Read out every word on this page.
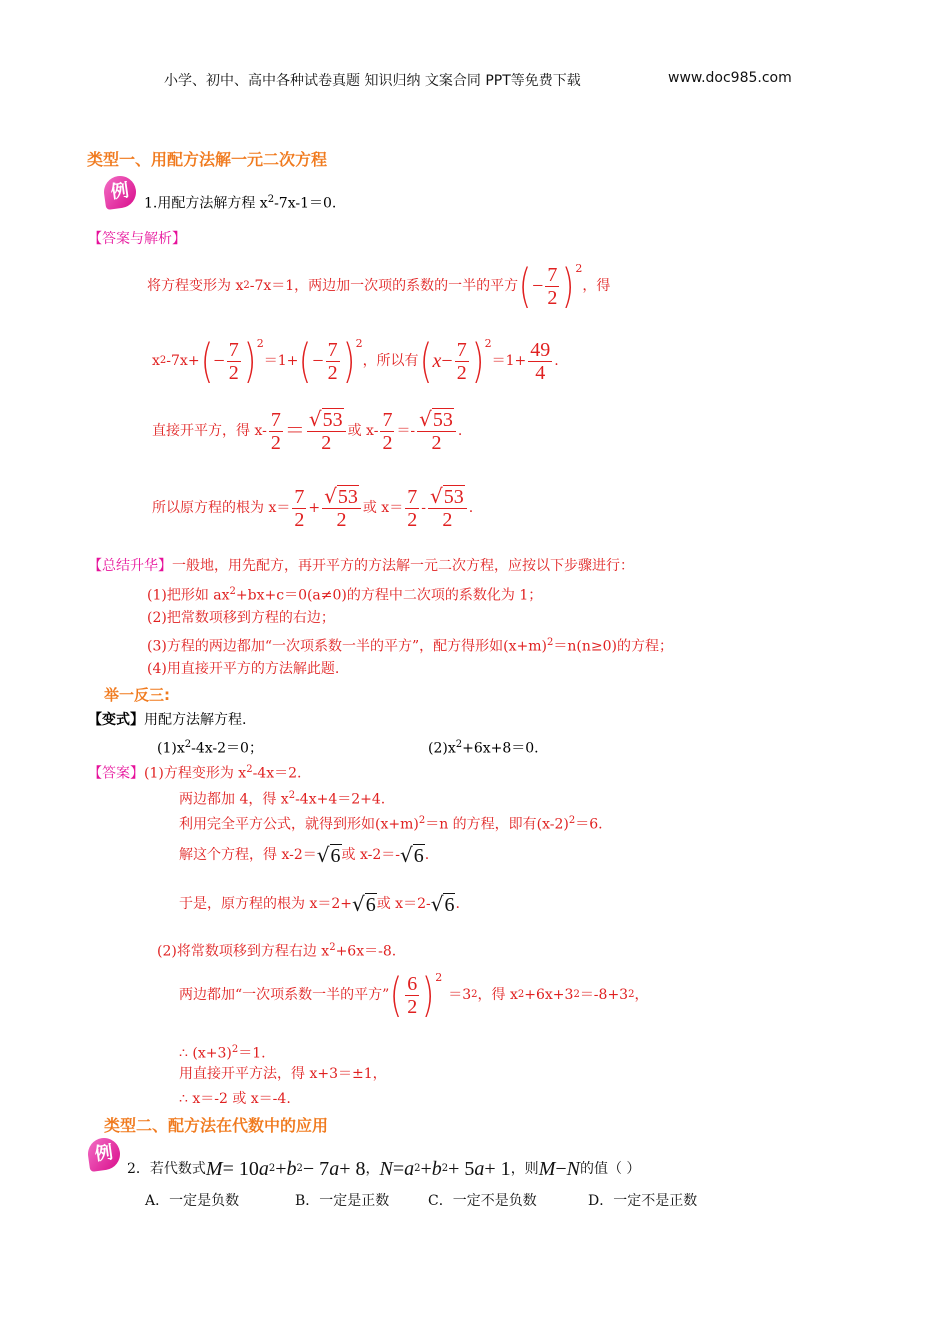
小学、初中、高中各种试卷真题 知识归纳 文案合同 PPT等免费下载	www.doc985.com
类型一、用配方法解一元二次方程
例
1.用配方法解方程 $x^2-7x-1=0$.
【答案与解析】
将方程变形为 x 2 -7x＝1，两边加一次项的系数的一半的平方 ( − $\frac{7}{2}$ ) 2
，得
x 2 -7x+ ( − $\frac{7}{2}$ ) 2
＝1+ ( − $\frac{7}{2}$ ) 2
，所以有 ( $x - \frac{7}{2}$ ) 2
$=1+ \frac{49}{4}$ .
直接开平方，得 $x- \frac{7}{2} = \frac{√53}{2}$ 或 $x- \frac{7}{2} =- \frac{√53}{2}$ .
所以原方程的根为 $x= \frac{7}{2} + \frac{√53}{2}$ 或 $x= \frac{7}{2} - \frac{√53}{2}$ .
【总结升华】一般地，用先配方，再开平方的方法解一元二次方程，应按以下步骤进行：
(1)把形如 $ax^2+bx+c=0(a\ne 0)$的方程中二次项的系数化为 1；
(2)把常数项移到方程的右边；
(3)方程的两边都加“一次项系数一半的平方”，配方得形如$(x+m)^2=n(n\ge 0)$的方程；
(4)用直接开平方的方法解此题.
举一反三:
【变式】用配方法解方程.
$(1)x^2-4x-2=0$；	$(2)x^2+6x+8=0$.
【答案】(1)方程变形为 $x^2-4x=2$.
两边都加 4，得 $x^2-4x+4=2+4$.
利用完全平方公式，就得到形如$(x+m)^2=n$ 的方程，即有$(x-2)^2=6$.
解这个方程，得 x-2＝ √6 或 x-2＝- √6 .
于是，原方程的根为 x＝2+ √6 或 x＝2- √6 .
(2)将常数项移到方程右边 $x^2+6x=-8$.
两边都加“一次项系数一半的平方” ( $\frac{6}{2}$ ) 2
＝3 2 ，得 x 2 +6x+3 2 ＝-8+3 2 ，
∴ $(x+3)^2=1$.
用直接开平方法，得 x+3＝±1，
∴ x＝-2 或 x＝-4.
类型二、配方法在代数中的应用
例
2．若代数式 M = 10 a 2 + b 2 − 7 a + 8 ， N = a 2 + b 2 + 5 a + 1 ，则 M − N 的值（ ）
A．一定是负数	B．一定是正数	C．一定不是负数	D．一定不是正数
